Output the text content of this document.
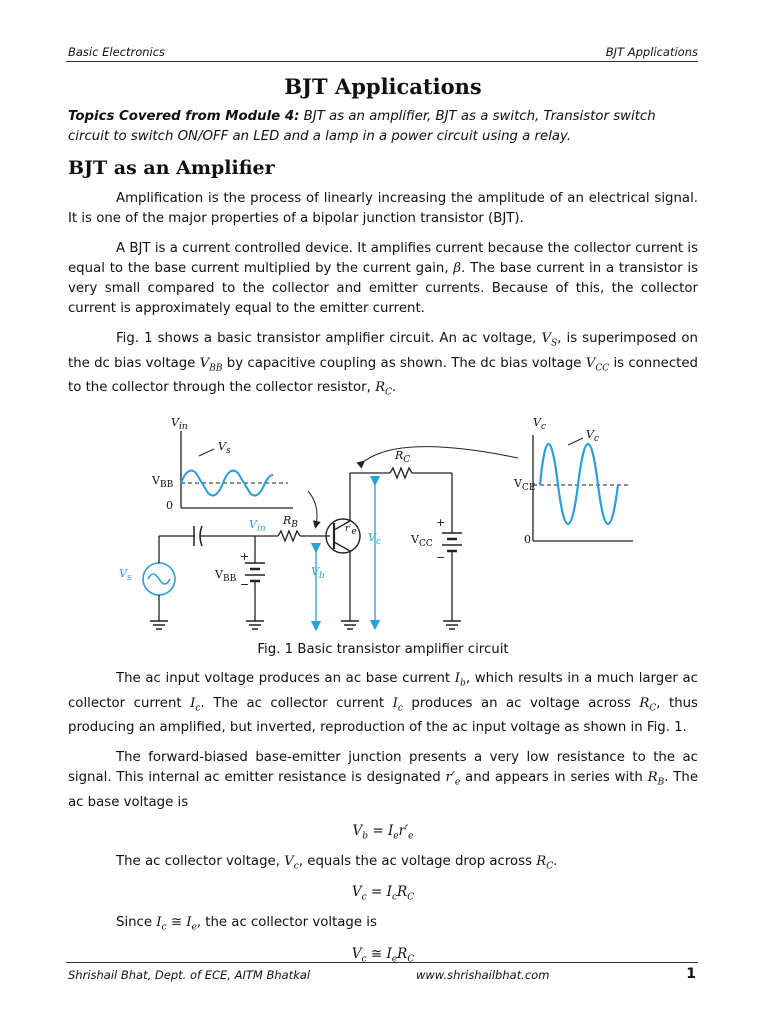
Basic Electronics	BJT Applications
BJT Applications
Topics Covered from Module 4: BJT as an amplifier, BJT as a switch, Transistor switch circuit to switch ON/OFF an LED and a lamp in a power circuit using a relay.
BJT as an Amplifier

Amplification is the process of linearly increasing the amplitude of an electrical signal. It is one of the major properties of a bipolar junction transistor (BJT).

A BJT is a current controlled device. It amplifies current because the collector current is equal to the base current multiplied by the current gain, β. The base current in a transistor is very small compared to the collector and emitter currents. Because of this, the collector current is approximately equal to the emitter current.

Fig. 1 shows a basic transistor amplifier circuit. An ac voltage, $V_S$, is superimposed on the dc bias voltage $V_{BB}$ by capacitive coupling as shown. The dc bias voltage $V_{CC}$ is connected to the collector through the collector resistor, $R_C$.

$V_{in}$
$V_s$
$V_{BB}$
0
$V_{in}$
$R_B$
$R_C$
$V_{CC}$
+
−
+
−
$V_{BB}$
$V_s$
$V_b$
$V_c$
$r'_e$
$V_c$
$V_c$
$V_{CE}$
0
Fig. 1 Basic transistor amplifier circuit

The ac input voltage produces an ac base current $I_b$, which results in a much larger ac collector current $I_c$. The ac collector current $I_c$ produces an ac voltage across $R_C$, thus producing an amplified, but inverted, reproduction of the ac input voltage as shown in Fig. 1.

The forward-biased base-emitter junction presents a very low resistance to the ac signal. This internal ac emitter resistance is designated $r'_e$ and appears in series with $R_B$. The ac base voltage is

$V_b = I_er'_e$

The ac collector voltage, $V_c$, equals the ac voltage drop across $R_C$.

$V_c = I_cR_C$

Since $I_c$ ≅ $I_e$, the ac collector voltage is

$V_c$ ≅ $I_eR_C$
Shrishail Bhat, Dept. of ECE, AITM Bhatkal	www.shrishailbhat.com	1
